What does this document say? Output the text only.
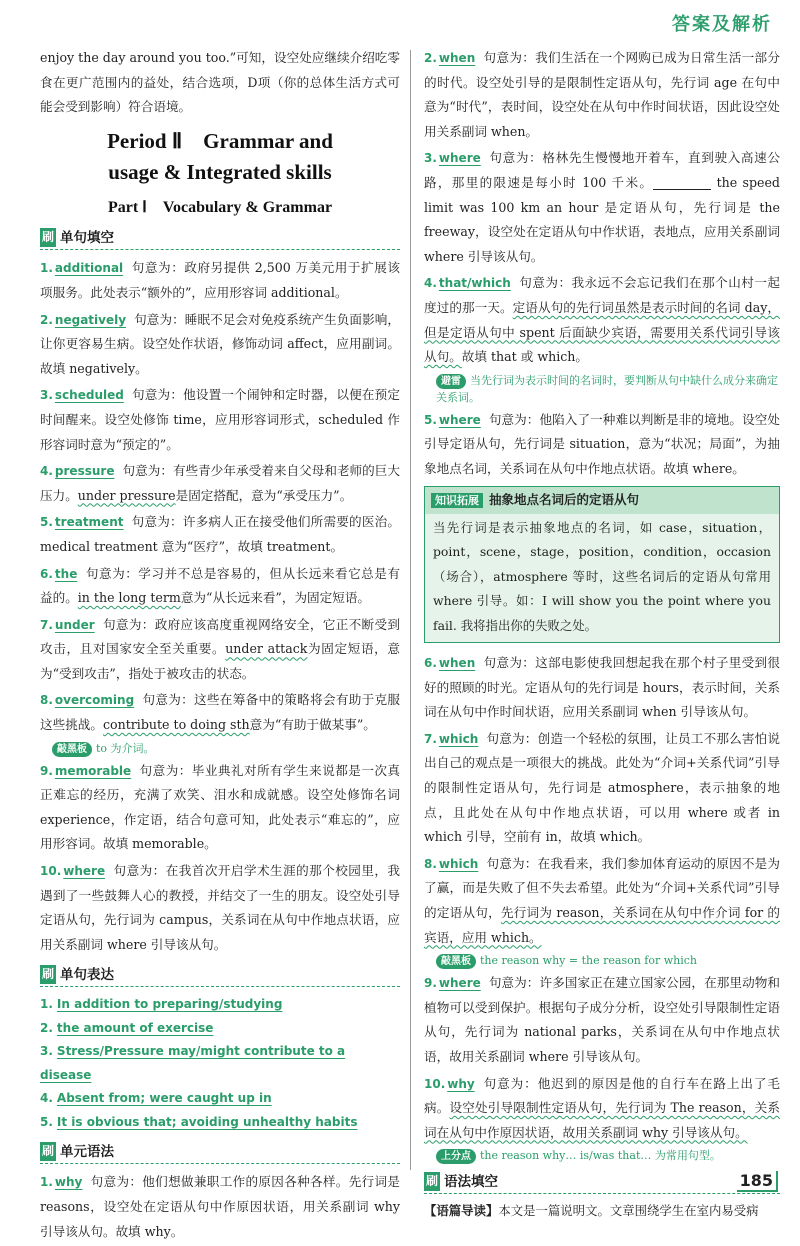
答案及解析

enjoy the day around you too.”可知，设空处应继续介绍吃零食在更广范围内的益处，结合选项，D项（你的总体生活方式可能会受到影响）符合语境。

Period Ⅱ　Grammar and
usage & Integrated skills
Part Ⅰ　Vocabulary & Grammar
刷 单句填空
1. additional 句意为：政府另提供 2,500 万美元用于扩展该项服务。此处表示“额外的”，应用形容词 additional。
2. negatively 句意为：睡眠不足会对免疫系统产生负面影响，让你更容易生病。设空处作状语，修饰动词 affect，应用副词。故填 negatively。
3. scheduled 句意为：他设置一个闹钟和定时器，以便在预定时间醒来。设空处修饰 time，应用形容词形式，scheduled 作形容词时意为“预定的”。
4. pressure 句意为：有些青少年承受着来自父母和老师的巨大压力。under pressure是固定搭配，意为“承受压力”。
5. treatment 句意为：许多病人正在接受他们所需要的医治。medical treatment 意为“医疗”，故填 treatment。
6. the 句意为：学习并不总是容易的，但从长远来看它总是有益的。in the long term意为“从长远来看”，为固定短语。
7. under 句意为：政府应该高度重视网络安全，它正不断受到攻击，且对国家安全至关重要。under attack为固定短语，意为“受到攻击”，指处于被攻击的状态。
8. overcoming 句意为：这些在筹备中的策略将会有助于克服这些挑战。contribute to doing sth意为“有助于做某事”。
敲黑板 to 为介词。
9. memorable 句意为：毕业典礼对所有学生来说都是一次真正难忘的经历，充满了欢笑、泪水和成就感。设空处修饰名词 experience，作定语，结合句意可知，此处表示“难忘的”，应用形容词。故填 memorable。
10. where 句意为：在我首次开启学术生涯的那个校园里，我遇到了一些鼓舞人心的教授，并结交了一生的朋友。设空处引导定语从句，先行词为 campus，关系词在从句中作地点状语，应用关系副词 where 引导该从句。
刷 单句表达
1. In addition to preparing/studying
2. the amount of exercise
3. Stress/Pressure may/might contribute to a disease
4. Absent from; were caught up in
5. It is obvious that; avoiding unhealthy habits
刷 单元语法
1. why 句意为：他们想做兼职工作的原因各种各样。先行词是 reasons，设空处在定语从句中作原因状语，用关系副词 why 引导该从句。故填 why。
2. when 句意为：我们生活在一个网购已成为日常生活一部分的时代。设空处引导的是限制性定语从句，先行词 age 在句中意为“时代”，表时间，设空处在从句中作时间状语，因此设空处用关系副词 when。
3. where 句意为：格林先生慢慢地开着车，直到驶入高速公路，那里的限速是每小时 100 千米。	the speed limit was 100 km an hour 是定语从句，先行词是 the freeway，设空处在定语从句中作状语，表地点，应用关系副词 where 引导该从句。
4. that/which 句意为：我永远不会忘记我们在那个山村一起度过的那一天。定语从句的先行词虽然是表示时间的名词 day，但是定语从句中 spent 后面缺少宾语，需要用关系代词引导该从句。故填 that 或 which。
避雷 当先行词为表示时间的名词时，要判断从句中缺什么成分来确定关系词。
5. where 句意为：他陷入了一种难以判断是非的境地。设空处引导定语从句，先行词是 situation，意为“状况；局面”，为抽象地点名词，关系词在从句中作地点状语。故填 where。
知识拓展 抽象地点名词后的定语从句
当先行词是表示抽象地点的名词，如 case，situation，point，scene，stage，position，condition，occasion（场合），atmosphere 等时，这些名词后的定语从句常用 where 引导。如：I will show you the point where you fail. 我将指出你的失败之处。
6. when 句意为：这部电影使我回想起我在那个村子里受到很好的照顾的时光。定语从句的先行词是 hours，表示时间，关系词在从句中作时间状语，应用关系副词 when 引导该从句。
7. which 句意为：创造一个轻松的氛围，让员工不那么害怕说出自己的观点是一项很大的挑战。此处为“介词+关系代词”引导的限制性定语从句，先行词是 atmosphere，表示抽象的地点，且此处在从句中作地点状语，可以用 where 或者 in which 引导，空前有 in，故填 which。
8. which 句意为：在我看来，我们参加体育运动的原因不是为了赢，而是失败了但不失去希望。此处为“介词+关系代词”引导的定语从句，先行词为 reason，关系词在从句中作介词 for 的宾语，应用 which。
敲黑板 the reason why = the reason for which
9. where 句意为：许多国家正在建立国家公园，在那里动物和植物可以受到保护。根据句子成分分析，设空处引导限制性定语从句，先行词为 national parks，关系词在从句中作地点状语，故用关系副词 where 引导该从句。
10. why 句意为：他迟到的原因是他的自行车在路上出了毛病。设空处引导限制性定语从句，先行词为 The reason，关系词在从句中作原因状语，故用关系副词 why 引导该从句。
上分点 the reason why… is/was that… 为常用句型。
刷 语法填空
【语篇导读】本文是一篇说明文。文章围绕学生在室内易受病
185
